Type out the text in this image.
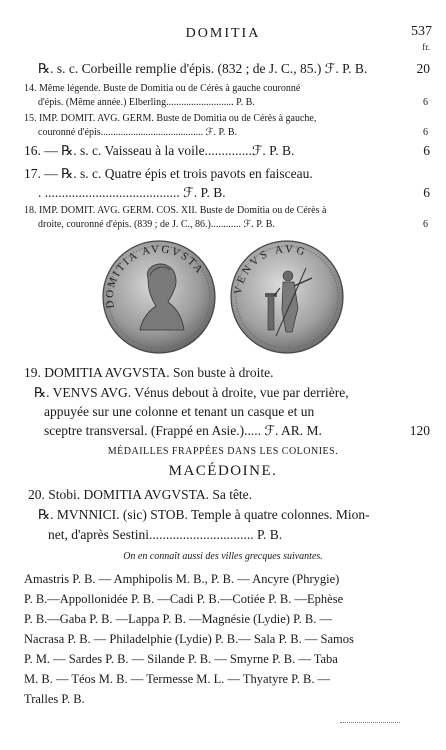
DOMITIA	537
fr.
℞. s. c. Corbeille remplie d'épis. (832 ; de J. C., 85.) ℱ. P. B.	20
14. Même légende. Buste de Domitia ou de Cérès à gauche couronné
d'épis. (Même année.) Elberling........................... P. B.	6
15. IMP. DOMIT. AVG. GERM. Buste de Domitia ou de Cérès à gauche,
couronné d'épis......................................... ℱ. P. B.	6
16. — ℞. s. c. Vaisseau à la voile..............ℱ. P. B.	6
17. — ℞. s. c. Quatre épis et trois pavots en faisceau.
. ........................................ ℱ. P. B.	6
18. IMP. DOMIT. AVG. GERM. COS. XII. Buste de Domitia ou de Cérès à
droite, couronné d'épis. (839 ; de J. C., 86.)............ ℱ. P. B.	6
DOMITIA AVGVSTA
VENVS AVG
19. DOMITIA AVGVSTA. Son buste à droite.
℞. VENVS AVG. Vénus debout à droite, vue par derrière,
appuyée sur une colonne et tenant un casque et un
sceptre transversal. (Frappé en Asie.)..... ℱ. AR. M.	120
MÉDAILLES FRAPPÉES DANS LES COLONIES.
MACÉDOINE.
20. Stobi. DOMITIA AVGVSTA. Sa tête.
℞. MVNNICI. (sic) STOB. Temple à quatre colonnes. Mion-
net, d'après Sestini............................... P. B.
On en connaît aussi des villes grecques suivantes.
Amastris P. B. — Amphipolis M. B., P. B. — Ancyre (Phrygie)
P. B.—Appollonidée P. B. —Cadi P. B.—Cotiée P. B. —Ephèse
P. B.—Gaba P. B. —Lappa P. B. —Magnésie (Lydie) P. B. —
Nacrasa P. B. — Philadelphie (Lydie) P. B.— Sala P. B. — Samos
P. M. — Sardes P. B. — Silande P. B. — Smyrne P. B. — Taba
M. B. — Téos M. B. — Termesse M. L. — Thyatyre P. B. —
Tralles P. B.
